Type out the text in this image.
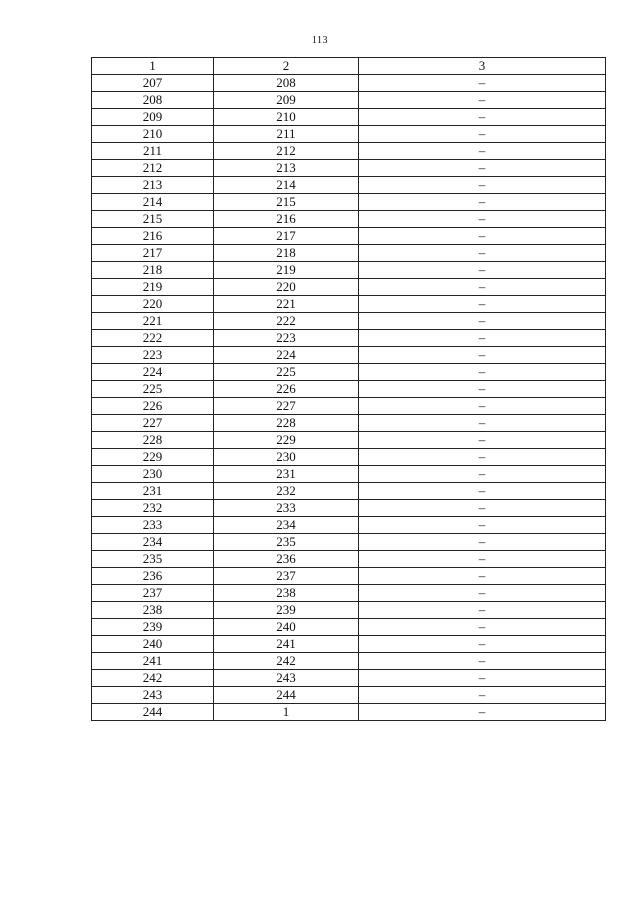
113
1	2	3
207	208	–
208	209	–
209	210	–
210	211	–
211	212	–
212	213	–
213	214	–
214	215	–
215	216	–
216	217	–
217	218	–
218	219	–
219	220	–
220	221	–
221	222	–
222	223	–
223	224	–
224	225	–
225	226	–
226	227	–
227	228	–
228	229	–
229	230	–
230	231	–
231	232	–
232	233	–
233	234	–
234	235	–
235	236	–
236	237	–
237	238	–
238	239	–
239	240	–
240	241	–
241	242	–
242	243	–
243	244	–
244	1	–
